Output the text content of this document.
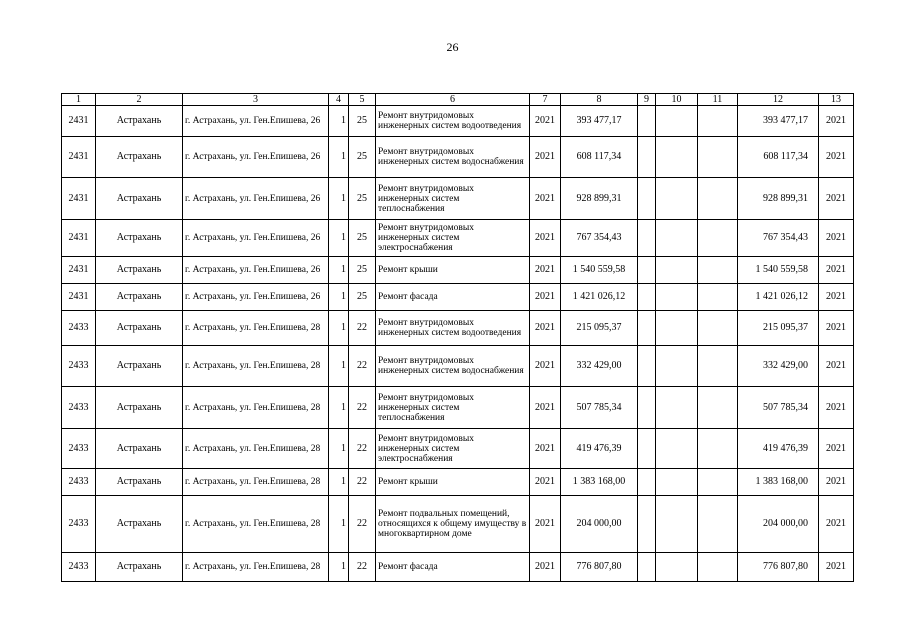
26
1	2	3	4	5	6	7	8	9	10	11	12	13
2431	Астрахань	г. Астрахань, ул. Ген.Епишева, 26	1	25	Ремонт внутридомовых инженерных систем водоотведения	2021	393 477,17				393 477,17	2021
2431	Астрахань	г. Астрахань, ул. Ген.Епишева, 26	1	25	Ремонт внутридомовых инженерных систем водоснабжения	2021	608 117,34				608 117,34	2021
2431	Астрахань	г. Астрахань, ул. Ген.Епишева, 26	1	25	Ремонт внутридомовых инженерных систем теплоснабжения	2021	928 899,31				928 899,31	2021
2431	Астрахань	г. Астрахань, ул. Ген.Епишева, 26	1	25	Ремонт внутридомовых инженерных систем электроснабжения	2021	767 354,43				767 354,43	2021
2431	Астрахань	г. Астрахань, ул. Ген.Епишева, 26	1	25	Ремонт крыши	2021	1 540 559,58				1 540 559,58	2021
2431	Астрахань	г. Астрахань, ул. Ген.Епишева, 26	1	25	Ремонт фасада	2021	1 421 026,12				1 421 026,12	2021
2433	Астрахань	г. Астрахань, ул. Ген.Епишева, 28	1	22	Ремонт внутридомовых инженерных систем водоотведения	2021	215 095,37				215 095,37	2021
2433	Астрахань	г. Астрахань, ул. Ген.Епишева, 28	1	22	Ремонт внутридомовых инженерных систем водоснабжения	2021	332 429,00				332 429,00	2021
2433	Астрахань	г. Астрахань, ул. Ген.Епишева, 28	1	22	Ремонт внутридомовых инженерных систем теплоснабжения	2021	507 785,34				507 785,34	2021
2433	Астрахань	г. Астрахань, ул. Ген.Епишева, 28	1	22	Ремонт внутридомовых инженерных систем электроснабжения	2021	419 476,39				419 476,39	2021
2433	Астрахань	г. Астрахань, ул. Ген.Епишева, 28	1	22	Ремонт крыши	2021	1 383 168,00				1 383 168,00	2021
2433	Астрахань	г. Астрахань, ул. Ген.Епишева, 28	1	22	Ремонт подвальных помещений, относящихся к общему имуществу в многоквартирном доме	2021	204 000,00				204 000,00	2021
2433	Астрахань	г. Астрахань, ул. Ген.Епишева, 28	1	22	Ремонт фасада	2021	776 807,80				776 807,80	2021
